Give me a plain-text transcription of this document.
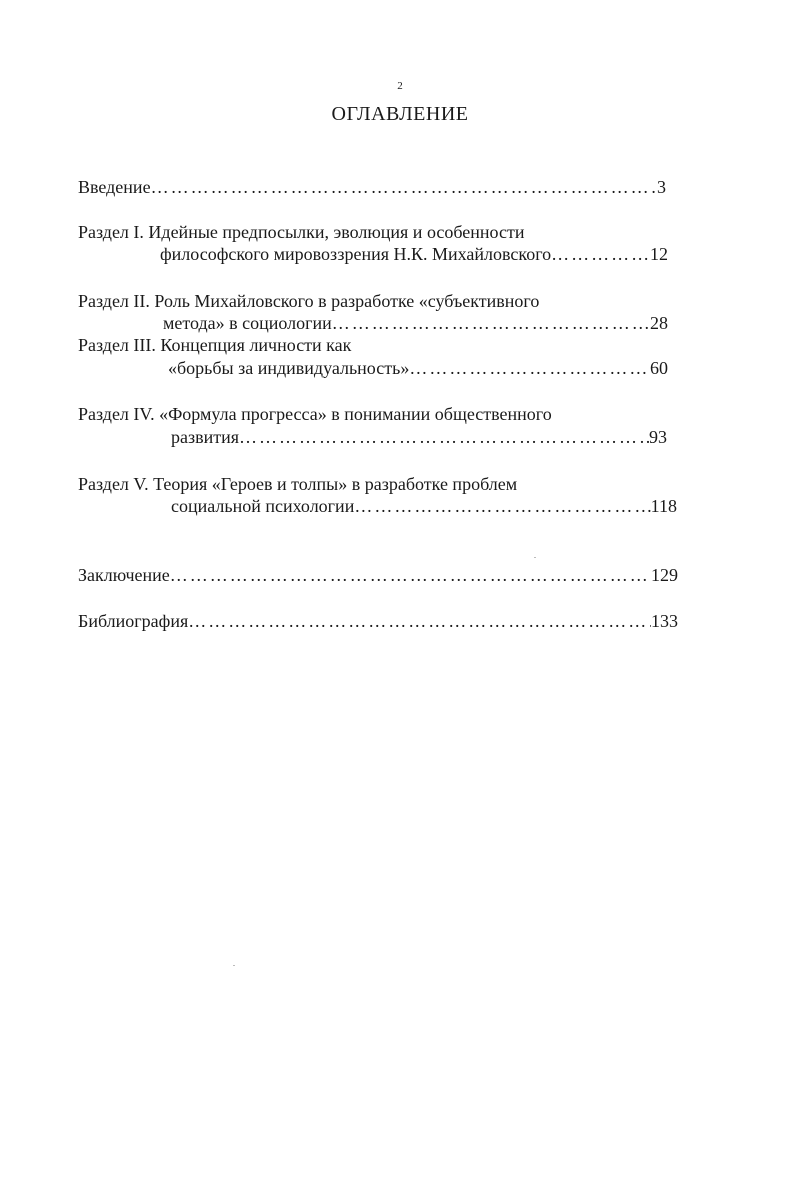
2
ОГЛАВЛЕНИЕ
Введение ……………………………………………………………………………………………………………………………………………………	3
Раздел I. Идейные предпосылки, эволюция и особенности
философского мировоззрения Н.К. Михайловского ……………………………………………………………………………………………………………………………………………………	12
Раздел II. Роль Михайловского в разработке «субъективного
метода» в социологии ……………………………………………………………………………………………………………………………………………………	28
Раздел III. Концепция личности как
«борьбы за индивидуальность» ……………………………………………………………………………………………………………………………………………………	60
Раздел IV. «Формула прогресса» в понимании общественного
развития ……………………………………………………………………………………………………………………………………………………	93
Раздел V. Теория «Героев и толпы» в разработке проблем
социальной психологии ……………………………………………………………………………………………………………………………………………………	118
Заключение ……………………………………………………………………………………………………………………………………………………	129
Библиография ……………………………………………………………………………………………………………………………………………………	133
